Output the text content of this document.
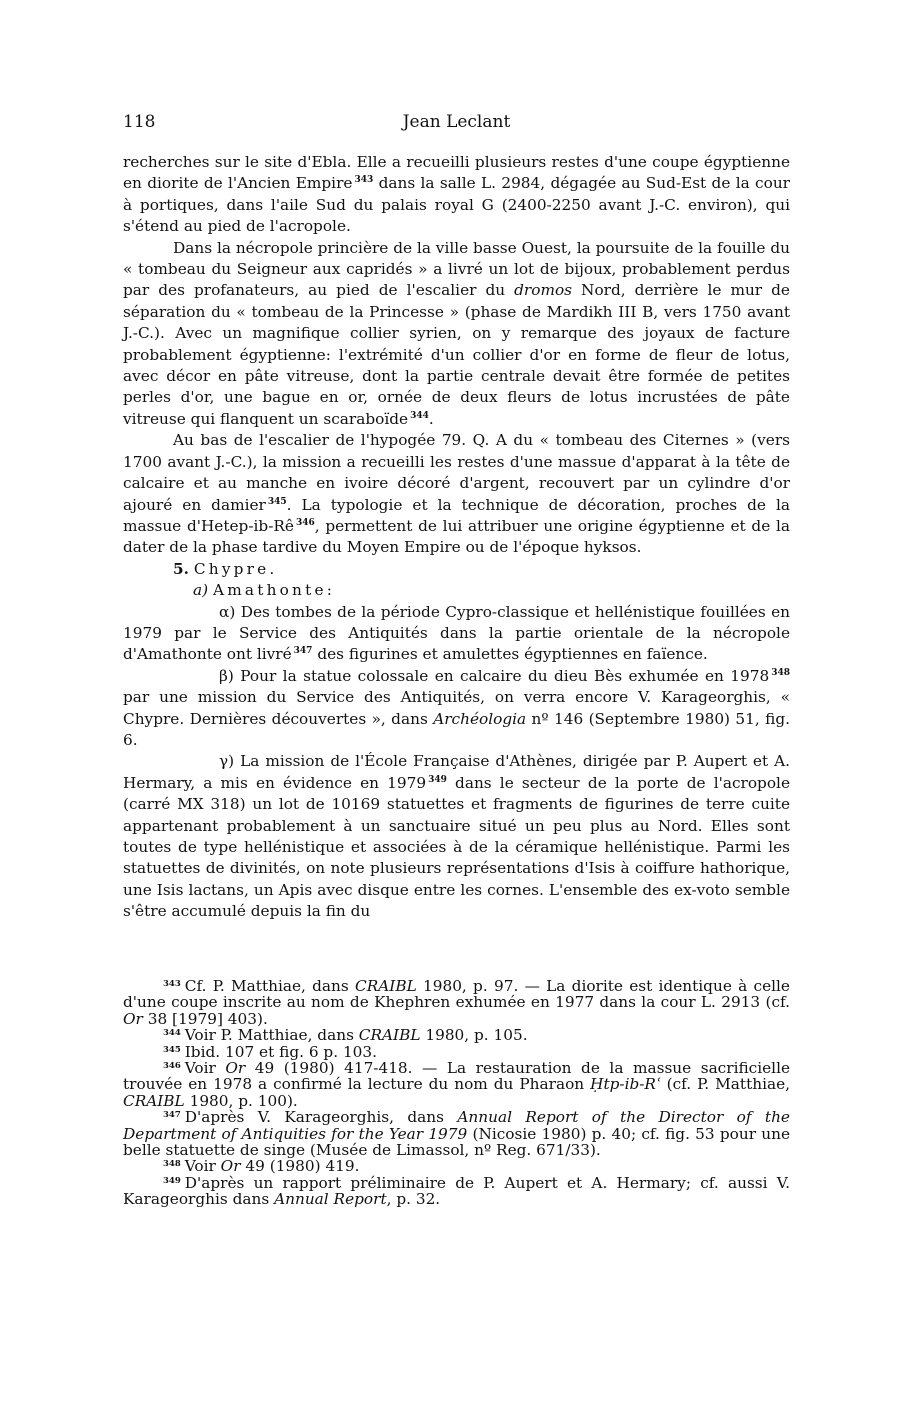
118	Jean Leclant

recherches sur le site d'Ebla. Elle a recueilli plusieurs restes d'une coupe égyptienne en diorite de l'Ancien Empire $^{343}$ dans la salle L. 2984, dégagée au Sud-Est de la cour à portiques, dans l'aile Sud du palais royal G (2400-2250 avant J.-C. environ), qui s'étend au pied de l'acropole.

Dans la nécropole princière de la ville basse Ouest, la poursuite de la fouille du « tombeau du Seigneur aux capridés » a livré un lot de bijoux, probablement perdus par des profanateurs, au pied de l'escalier du dromos Nord, derrière le mur de séparation du « tombeau de la Princesse » (phase de Mardikh III B, vers 1750 avant J.-C.). Avec un magnifique collier syrien, on y remarque des joyaux de facture probablement égyptienne: l'extrémité d'un collier d'or en forme de fleur de lotus, avec décor en pâte vitreuse, dont la partie centrale devait être formée de petites perles d'or, une bague en or, ornée de deux fleurs de lotus incrustées de pâte vitreuse qui flanquent un scaraboïde $^{344}$.

Au bas de l'escalier de l'hypogée 79. Q. A du « tombeau des Citernes » (vers 1700 avant J.-C.), la mission a recueilli les restes d'une massue d'apparat à la tête de calcaire et au manche en ivoire décoré d'argent, recouvert par un cylindre d'or ajouré en damier $^{345}$. La typologie et la technique de décoration, proches de la massue d'Hetep-ib-Rê $^{346}$, permettent de lui attribuer une origine égyptienne et de la dater de la phase tardive du Moyen Empire ou de l'époque hyksos.

5. Chypre.

a) Amathonte:

α) Des tombes de la période Cypro-classique et hellénistique fouillées en 1979 par le Service des Antiquités dans la partie orientale de la nécropole d'Amathonte ont livré $^{347}$ des figurines et amulettes égyptiennes en faïence.

β) Pour la statue colossale en calcaire du dieu Bès exhumée en 1978 $^{348}$ par une mission du Service des Antiquités, on verra encore V. Karageorghis, « Chypre. Dernières découvertes », dans Archéologia nº 146 (Septembre 1980) 51, fig. 6.

γ) La mission de l'École Française d'Athènes, dirigée par P. Aupert et A. Hermary, a mis en évidence en 1979 $^{349}$ dans le secteur de la porte de l'acropole (carré MX 318) un lot de 10169 statuettes et fragments de figurines de terre cuite appartenant probablement à un sanctuaire situé un peu plus au Nord. Elles sont toutes de type hellénistique et associées à de la céramique hellénistique. Parmi les statuettes de divinités, on note plusieurs représentations d'Isis à coiffure hathorique, une Isis lactans, un Apis avec disque entre les cornes. L'ensemble des ex-voto semble s'être accumulé depuis la fin du

$^{343}$ Cf. P. Matthiae, dans CRAIBL 1980, p. 97. — La diorite est identique à celle d'une coupe inscrite au nom de Khephren exhumée en 1977 dans la cour L. 2913 (cf. Or 38 [1979] 403).

$^{344}$ Voir P. Matthiae, dans CRAIBL 1980, p. 105.

$^{345}$ Ibid. 107 et fig. 6 p. 103.

$^{346}$ Voir Or 49 (1980) 417-418. — La restauration de la massue sacrificielle trouvée en 1978 a confirmé la lecture du nom du Pharaon Ḥtp-ib-Rʿ (cf. P. Matthiae, CRAIBL 1980, p. 100).

$^{347}$ D'après V. Karageorghis, dans Annual Report of the Director of the Department of Antiquities for the Year 1979 (Nicosie 1980) p. 40; cf. fig. 53 pour une belle statuette de singe (Musée de Limassol, nº Reg. 671/33).

$^{348}$ Voir Or 49 (1980) 419.

$^{349}$ D'après un rapport préliminaire de P. Aupert et A. Hermary; cf. aussi V. Karageorghis dans Annual Report, p. 32.
